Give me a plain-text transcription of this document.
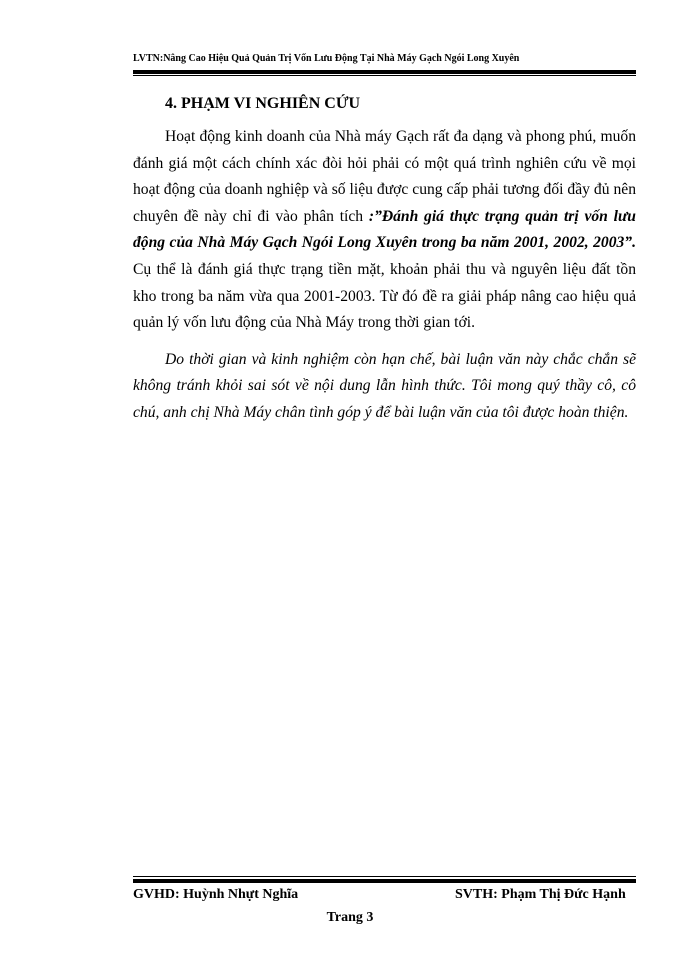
LVTN:Nâng Cao Hiệu Quả Quản Trị Vốn Lưu Động Tại Nhà Máy Gạch Ngói Long Xuyên
4. PHẠM VI NGHIÊN CỨU

Hoạt động kinh doanh của Nhà máy Gạch rất đa dạng và phong phú, muốn đánh giá một cách chính xác đòi hỏi phải có một quá trình nghiên cứu về mọi hoạt động của doanh nghiệp và số liệu được cung cấp phải tương đối đầy đủ nên chuyên đề này chỉ đi vào phân tích :”Đánh giá thực trạng quản trị vốn lưu động của Nhà Máy Gạch Ngói Long Xuyên trong ba năm 2001, 2002, 2003”. Cụ thể là đánh giá thực trạng tiền mặt, khoản phải thu và nguyên liệu đất tồn kho trong ba năm vừa qua 2001-2003. Từ đó đề ra giải pháp nâng cao hiệu quả quản lý vốn lưu động của Nhà Máy trong thời gian tới.

Do thời gian và kinh nghiệm còn hạn chế, bài luận văn này chắc chắn sẽ không tránh khỏi sai sót về nội dung lẫn hình thức. Tôi mong quý thầy cô, cô chú, anh chị Nhà Máy chân tình góp ý để bài luận văn của tôi được hoàn thiện.

GVHD: Huỳnh Nhựt Nghĩa	SVTH: Phạm Thị Đức Hạnh
Trang 3
